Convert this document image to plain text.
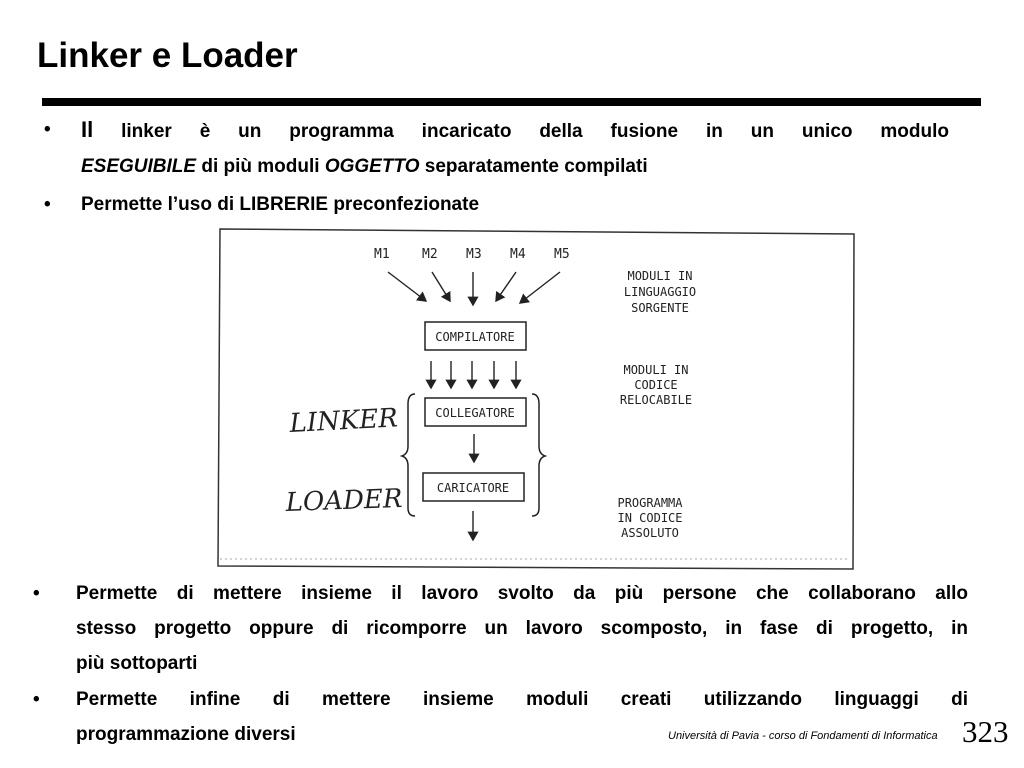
Linker e Loader
• Il linker è un programma incaricato della fusione in un unico modulo
ESEGUIBILE di più moduli OGGETTO separatamente compilati
• Permette l’uso di LIBRERIE preconfezionate
M1 M2 M3 M4 M5
COMPILATORE
COLLEGATORE
CARICATORE
LINKER
LOADER
MODULI IN
LINGUAGGIO
SORGENTE
MODULI IN
CODICE
RELOCABILE
PROGRAMMA
IN CODICE
ASSOLUTO
• Permette di mettere insieme il lavoro svolto da più persone che collaborano allo
stesso progetto oppure di ricomporre un lavoro scomposto, in fase di progetto, in
più sottoparti
• Permette infine di mettere insieme moduli creati utilizzando linguaggi di
programmazione diversi	Università di Pavia - corso di Fondamenti di Informatica 323
